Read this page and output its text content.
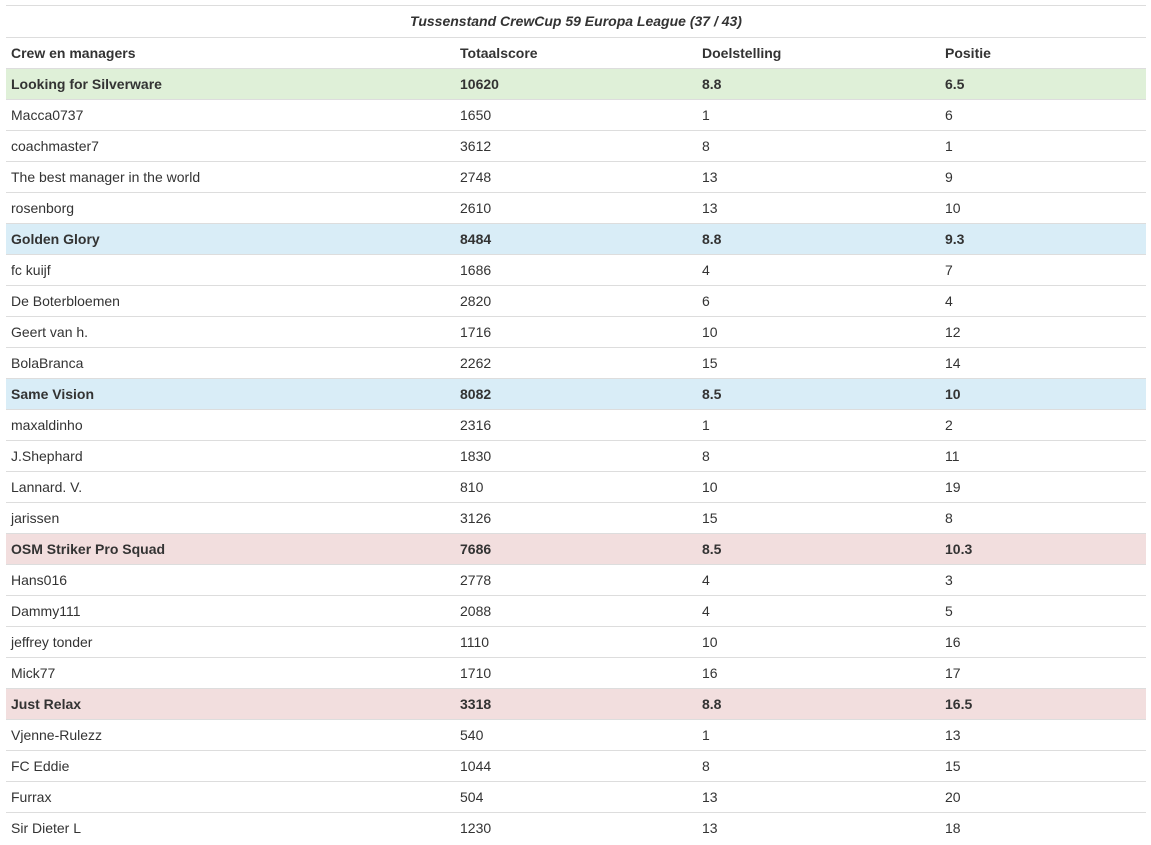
Tussenstand CrewCup 59 Europa League (37 / 43)
Crew en managers	Totaalscore	Doelstelling	Positie
Looking for Silverware	10620	8.8	6.5
Macca0737	1650	1	6
coachmaster7	3612	8	1
The best manager in the world	2748	13	9
rosenborg	2610	13	10
Golden Glory	8484	8.8	9.3
fc kuijf	1686	4	7
De Boterbloemen	2820	6	4
Geert van h.	1716	10	12
BolaBranca	2262	15	14
Same Vision	8082	8.5	10
maxaldinho	2316	1	2
J.Shephard	1830	8	11
Lannard. V.	810	10	19
jarissen	3126	15	8
OSM Striker Pro Squad	7686	8.5	10.3
Hans016	2778	4	3
Dammy111	2088	4	5
jeffrey tonder	1110	10	16
Mick77	1710	16	17
Just Relax	3318	8.8	16.5
Vjenne-Rulezz	540	1	13
FC Eddie	1044	8	15
Furrax	504	13	20
Sir Dieter L	1230	13	18
